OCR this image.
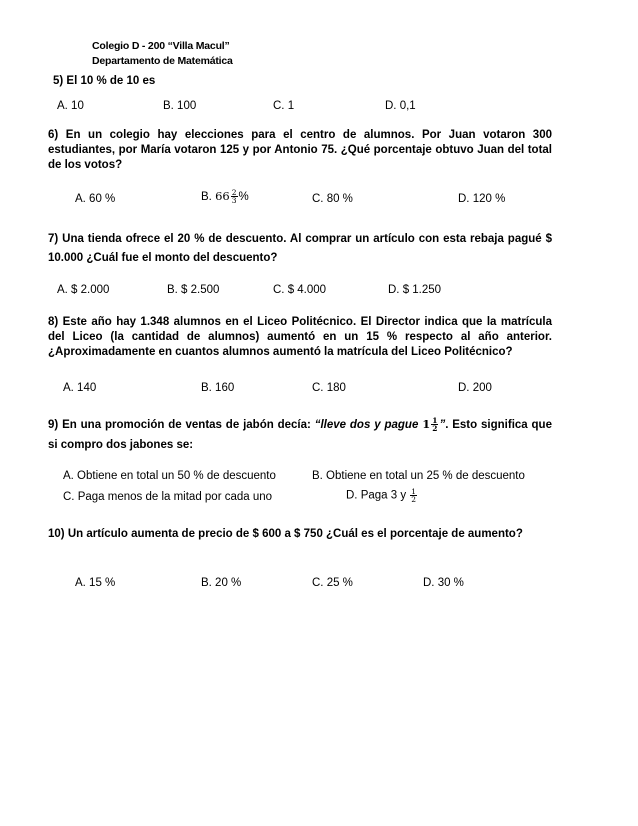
Colegio D - 200 “Villa Macul”
Departamento de Matemática
5) El 10 % de 10 es
A. 10	B. 100	C. 1	D. 0,1
6) En un colegio hay elecciones para el centro de alumnos. Por Juan votaron 300 estudiantes, por María votaron 125 y por Antonio 75. ¿Qué porcentaje obtuvo Juan del total de los votos?
A. 60 %	B. $66 \frac{2}{3}$ %	C. 80 %	D. 120 %
7) Una tienda ofrece el 20 % de descuento. Al comprar un artículo con esta rebaja pagué $ 10.000 ¿Cuál fue el monto del descuento?
A. $ 2.000	B. $ 2.500	C. $ 4.000	D. $ 1.250
8) Este año hay 1.348 alumnos en el Liceo Politécnico. El Director indica que la matrícula del Liceo (la cantidad de alumnos) aumentó en un 15 % respecto al año anterior. ¿Aproximadamente en cuantos alumnos aumentó la matrícula del Liceo Politécnico?
A. 140	B. 160	C. 180	D. 200
9) En una promoción de ventas de jabón decía: “lleve dos y pague $1 \frac{1}{2}$ ”. Esto significa que si compro dos jabones se:
A. Obtiene en total un 50 % de descuento	B. Obtiene en total un 25 % de descuento
C. Paga menos de la mitad por cada uno	D. Paga 3 y $\frac{1}{2}$
10) Un artículo aumenta de precio de $ 600 a $ 750 ¿Cuál es el porcentaje de aumento?
A. 15 %	B. 20 %	C. 25 %	D. 30 %
